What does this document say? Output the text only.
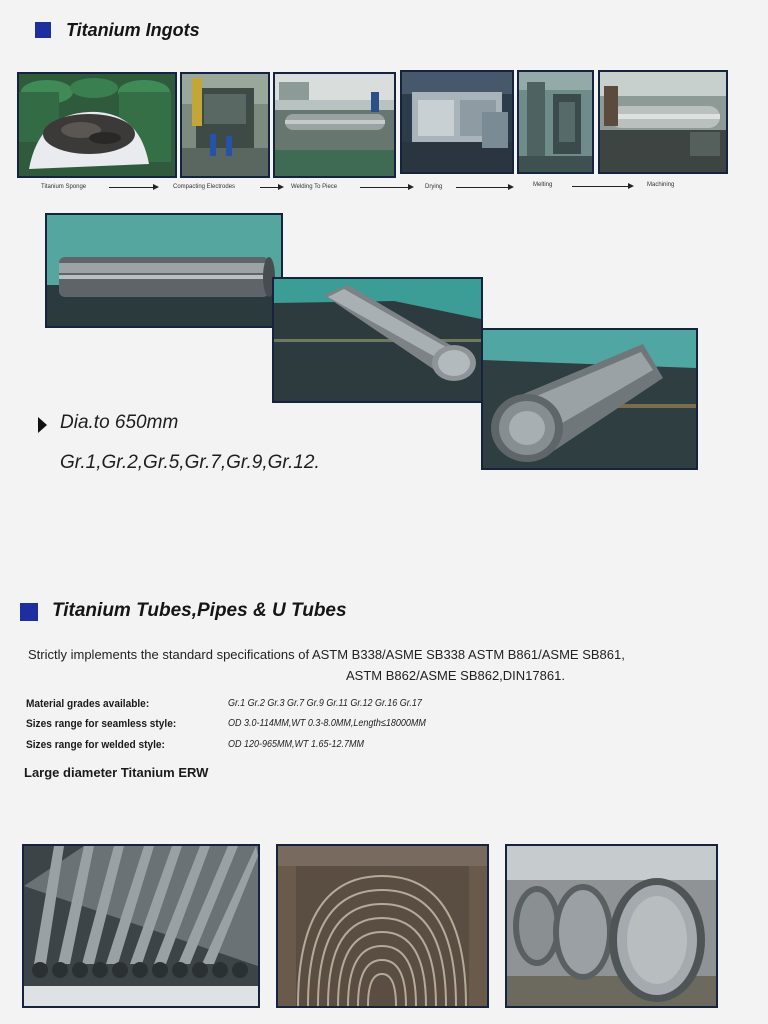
Titanium Ingots
Titanium Sponge	Compacting Electrodes	Welding To Piece	Drying	Melting	Machining
Dia.to 650mm
Gr.1,Gr.2,Gr.5,Gr.7,Gr.9,Gr.12.
Titanium Tubes,Pipes & U Tubes
Strictly implements the standard specifications of ASTM B338/ASME SB338 ASTM B861/ASME SB861,
ASTM B862/ASME SB862,DIN17861.
Material grades available:	Gr.1 Gr.2 Gr.3 Gr.7 Gr.9 Gr.11 Gr.12 Gr.16 Gr.17
Sizes range for seamless style:	OD 3.0-114MM,WT 0.3-8.0MM,Length≤18000MM
Sizes range for welded style:	OD 120-965MM,WT 1.65-12.7MM
Large diameter Titanium ERW
